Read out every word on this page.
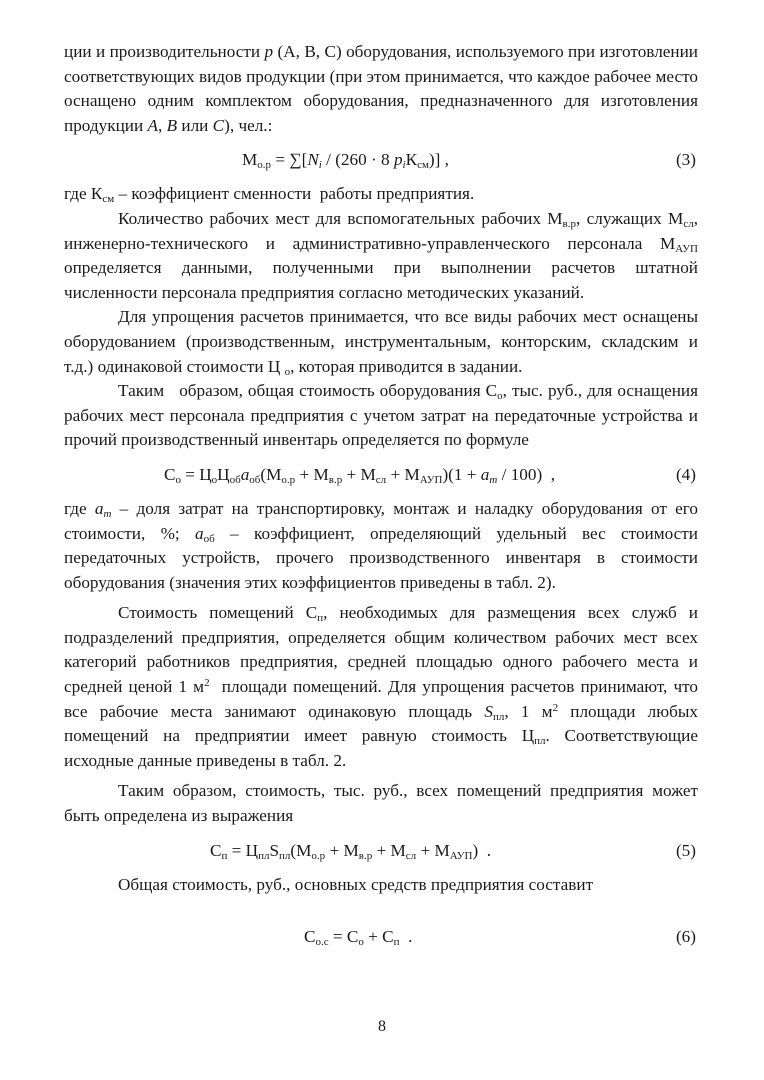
ции и производительности p (А, В, С) оборудования, используемого при изготовлении соответствующих видов продукции (при этом принимается, что каждое рабочее место оснащено одним комплектом оборудования, предназначенного для изготовления продукции A, B или C), чел.:

$М_{о.р} = \sum[N_i / (260 \cdot 8$ $p_iК_{см}$)] ,	(3)

где $К_{см}$ – коэффициент сменности  работы предприятия.

Количество рабочих мест для вспомогательных рабочих $М_{в.р}$, служащих $М_{сл}$, инженерно-технического и административно-управленческого персонала $М_{АУП}$ определяется данными, полученными при выполнении расчетов штатной численности персонала предприятия согласно методических указаний.

Для упрощения расчетов принимается, что все виды рабочих мест оснащены оборудованием (производственным, инструментальным, конторским, складским и т.д.) одинаковой стоимости Ц $_о$, которая приводится в задании.

Таким   образом, общая стоимость оборудования $С_о$, тыс. руб., для оснащения рабочих мест персонала предприятия с учетом затрат на передаточные устройства и прочий производственный инвентарь определяется по формуле

$С_о = Ц_оЦ_{об}a_{об}(М_{о.р} + М_{в.р} + М_{сл} + М_{АУП})(1 + a_т / 100)$  ,	(4)

где $a_т$ – доля затрат на транспортировку, монтаж и наладку оборудования от его стоимости, %; $a_{об}$ – коэффициент, определяющий удельный вес стоимости передаточных устройств, прочего производственного инвентаря в стоимости оборудования (значения этих коэффициентов приведены в табл. 2).

Стоимость помещений $С_п$, необходимых для размещения всех служб и подразделений предприятия, определяется общим количеством рабочих мест всех категорий работников предприятия, средней площадью одного рабочего места и средней ценой 1 $м^2$  площади помещений. Для упрощения расчетов принимают, что все рабочие места занимают одинаковую площадь $S_{пл}$, 1 $м^2$ площади любых помещений на предприятии имеет равную стоимость $Ц_{пл}$. Соответствующие исходные данные приведены в табл. 2.

Таким образом, стоимость, тыс. руб., всех помещений предприятия может быть определена из выражения

$С_п = Ц_{пл}S_{пл}(М_{о.р} + М_{в.р} + М_{сл} + М_{АУП})$  .	(5)

Общая стоимость, руб., основных средств предприятия составит

$С_{о.с} = С_о + С_п$  .	(6)
8
